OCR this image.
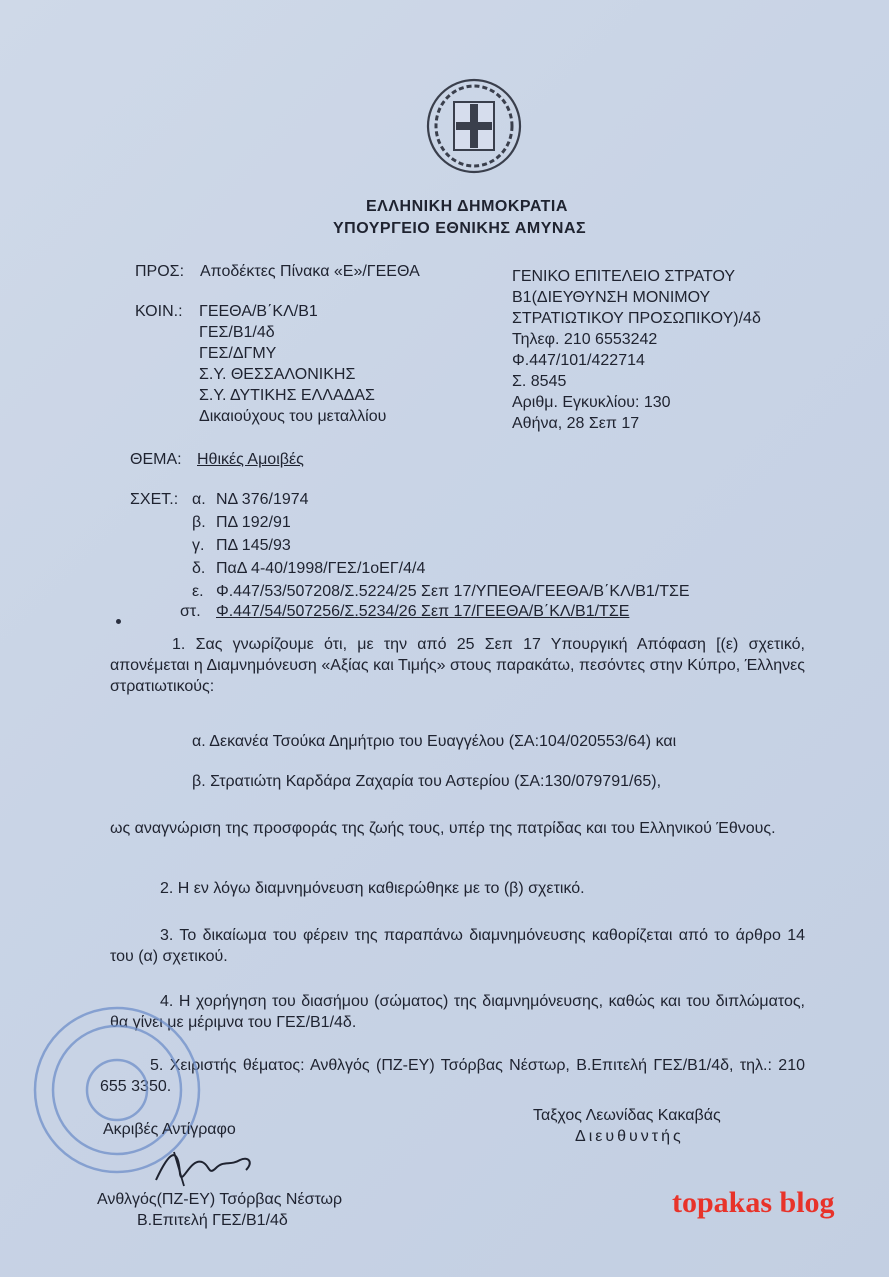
ΕΛΛΗΝΙΚΗ ΔΗΜΟΚΡΑΤΙΑ
ΥΠΟΥΡΓΕΙΟ ΕΘΝΙΚΗΣ ΑΜΥΝΑΣ
ΠΡΟΣ: Αποδέκτες Πίνακα «Ε»/ΓΕΕΘΑ
ΚΟΙΝ.: ΓΕΕΘΑ/Β΄ΚΛ/Β1
ΓΕΣ/Β1/4δ
ΓΕΣ/ΔΓΜΥ
Σ.Υ. ΘΕΣΣΑΛΟΝΙΚΗΣ
Σ.Υ. ΔΥΤΙΚΗΣ ΕΛΛΑΔΑΣ
Δικαιούχους του μεταλλίου
ΓΕΝΙΚΟ ΕΠΙΤΕΛΕΙΟ ΣΤΡΑΤΟΥ
Β1(ΔΙΕΥΘΥΝΣΗ ΜΟΝΙΜΟΥ
ΣΤΡΑΤΙΩΤΙΚΟΥ ΠΡΟΣΩΠΙΚΟΥ)/4δ
Τηλεφ. 210 6553242
Φ.447/101/422714
Σ. 8545
Αριθμ. Εγκυκλίου: 130
Αθήνα, 28 Σεπ 17
ΘΕΜΑ: Ηθικές Αμοιβές
ΣΧΕΤ.: α. ΝΔ 376/1974
β. ΠΔ 192/91
γ. ΠΔ 145/93
δ. ΠαΔ 4-40/1998/ΓΕΣ/1οΕΓ/4/4
ε. Φ.447/53/507208/Σ.5224/25 Σεπ 17/ΥΠΕΘΑ/ΓΕΕΘΑ/Β΄ΚΛ/Β1/ΤΣΕ
στ. Φ.447/54/507256/Σ.5234/26 Σεπ 17/ΓΕΕΘΑ/Β΄ΚΛ/Β1/ΤΣΕ
1. Σας γνωρίζουμε ότι, με την από 25 Σεπ 17 Υπουργική Απόφαση [(ε) σχετικό, απονέμεται η Διαμνημόνευση «Αξίας και Τιμής» στους παρακάτω, πεσόντες στην Κύπρο, Έλληνες στρατιωτικούς:
α. Δεκανέα Τσούκα Δημήτριο του Ευαγγέλου (ΣΑ:104/020553/64) και
β. Στρατιώτη Καρδάρα Ζαχαρία του Αστερίου (ΣΑ:130/079791/65),
ως αναγνώριση της προσφοράς της ζωής τους, υπέρ της πατρίδας και του Ελληνικού Έθνους.
2. Η εν λόγω διαμνημόνευση καθιερώθηκε με το (β) σχετικό.
3. Το δικαίωμα του φέρειν της παραπάνω διαμνημόνευσης καθορίζεται από το άρθρο 14 του (α) σχετικού.
4. Η χορήγηση του διασήμου (σώματος) της διαμνημόνευσης, καθώς και του διπλώματος, θα γίνει με μέριμνα του ΓΕΣ/Β1/4δ.
5. Χειριστής θέματος: Ανθλγός (ΠΖ-ΕΥ) Τσόρβας Νέστωρ, Β.Επιτελή ΓΕΣ/Β1/4δ, τηλ.: 210 655 3350.
Ταξχος Λεωνίδας Κακαβάς
Διευθυντής
Ακριβές Αντίγραφο
Ανθλγός(ΠΖ-ΕΥ) Τσόρβας Νέστωρ
Β.Επιτελή ΓΕΣ/Β1/4δ
topakas blog
